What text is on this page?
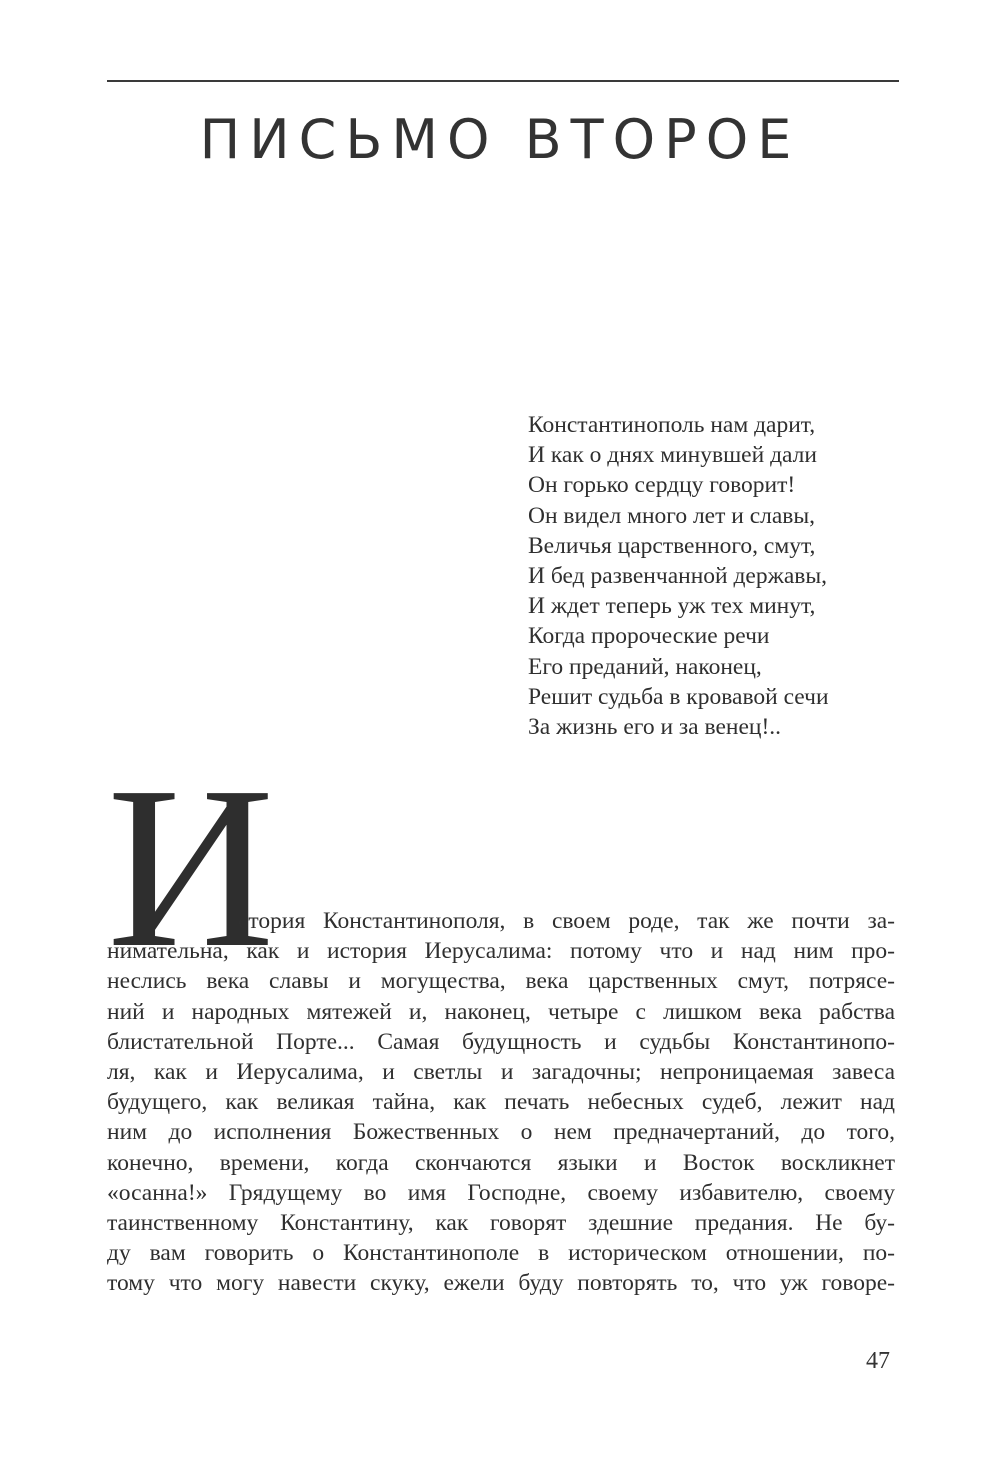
ПИСЬМО ВТОРОЕ
Константинополь нам дарит,
И как о днях минувшей дали
Он горько сердцу говорит!
Он видел много лет и славы,
Величья царственного, смут,
И бед развенчанной державы,
И ждет теперь уж тех минут,
Когда пророческие речи
Его преданий, наконец,
Решит судьба в кровавой сечи
За жизнь его и за венец!..
И
стория Константинополя, в своем роде, так же почти за-
нимательна, как и история Иерусалима: потому что и над ним про-
неслись века славы и могущества, века царственных смут, потрясе-
ний и народных мятежей и, наконец, четыре с лишком века рабства
блистательной Порте... Самая будущность и судьбы Константинопо-
ля, как и Иерусалима, и светлы и загадочны; непроницаемая завеса
будущего, как великая тайна, как печать небесных судеб, лежит над
ним до исполнения Божественных о нем предначертаний, до того,
конечно, времени, когда скончаются языки и Восток воскликнет
«осанна!» Грядущему во имя Господне, своему избавителю, своему
таинственному Константину, как говорят здешние предания. Не бу-
ду вам говорить о Константинополе в историческом отношении, по-
тому что могу навести скуку, ежели буду повторять то, что уж говоре-
47
